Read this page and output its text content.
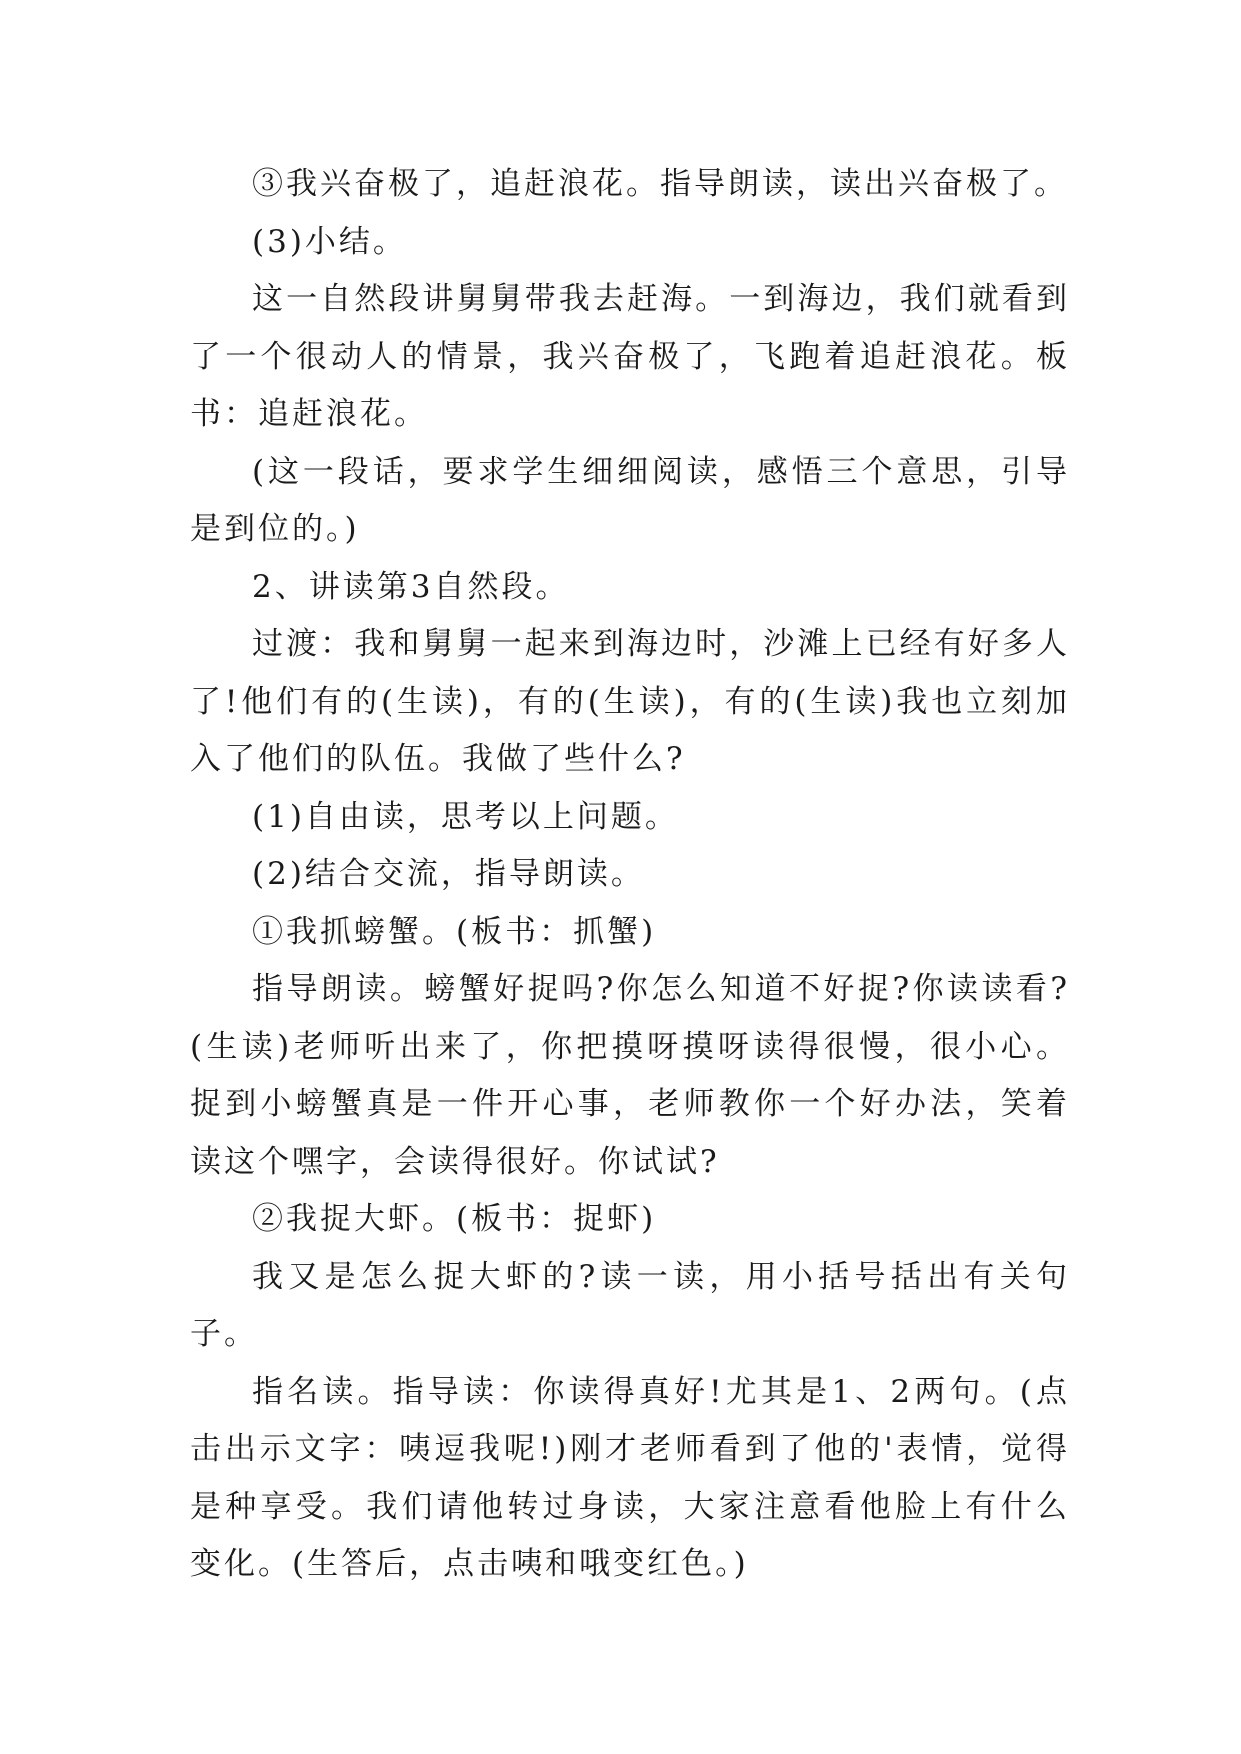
③我兴奋极了，追赶浪花。指导朗读，读出兴奋极了。

(3)小结。

这一自然段讲舅舅带我去赶海。一到海边，我们就看到了一个很动人的情景，我兴奋极了，飞跑着追赶浪花。板书：追赶浪花。

(这一段话，要求学生细细阅读，感悟三个意思，引导是到位的。)

2、讲读第3自然段。

过渡：我和舅舅一起来到海边时，沙滩上已经有好多人了!他们有的(生读)，有的(生读)，有的(生读)我也立刻加入了他们的队伍。我做了些什么?

(1)自由读，思考以上问题。

(2)结合交流，指导朗读。

①我抓螃蟹。(板书：抓蟹)

指导朗读。螃蟹好捉吗?你怎么知道不好捉?你读读看?(生读)老师听出来了，你把摸呀摸呀读得很慢，很小心。捉到小螃蟹真是一件开心事，老师教你一个好办法，笑着读这个嘿字，会读得很好。你试试?

②我捉大虾。(板书：捉虾)

我又是怎么捉大虾的?读一读，用小括号括出有关句子。

指名读。指导读：你读得真好!尤其是1、2两句。(点击出示文字：咦逗我呢!)刚才老师看到了他的'表情，觉得是种享受。我们请他转过身读，大家注意看他脸上有什么变化。(生答后，点击咦和哦变红色。)
